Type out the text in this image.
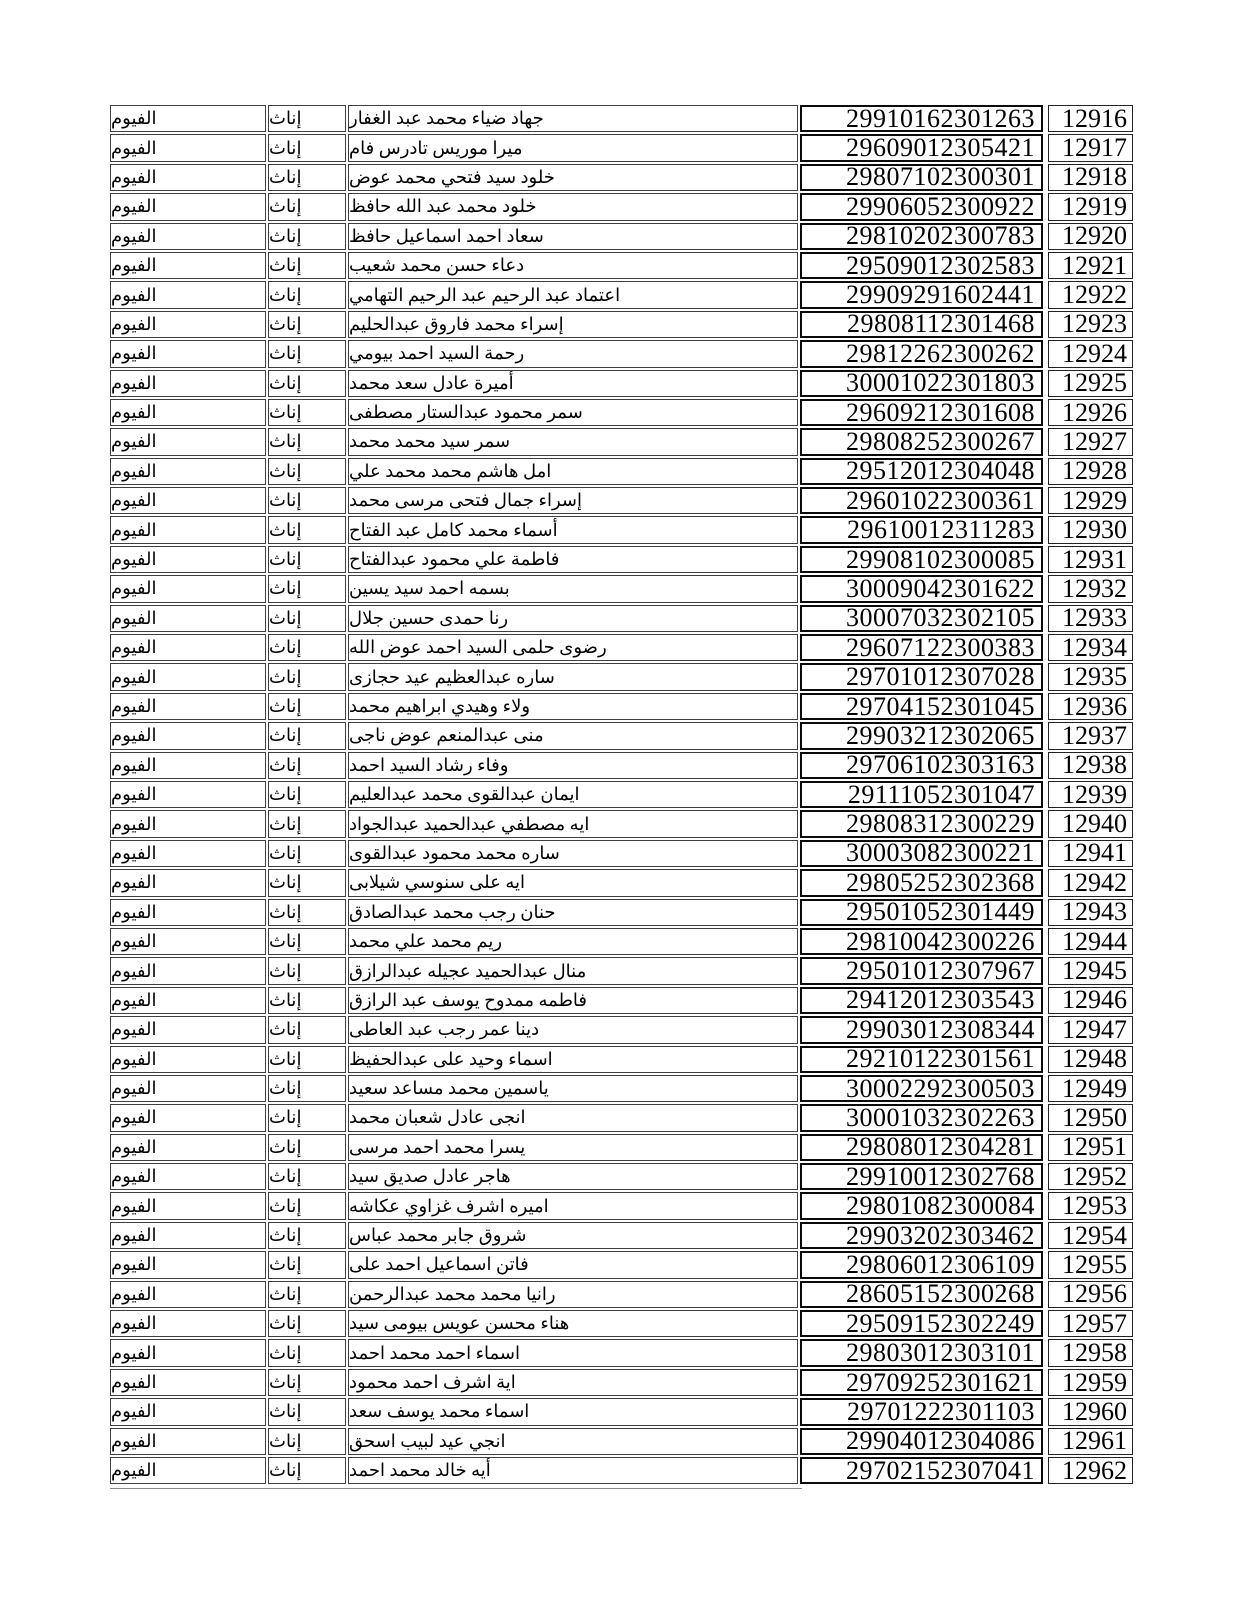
الفيوم	إناث	جهاد ضياء محمد عبد الغفار	29910162301263	12916
الفيوم	إناث	ميرا موريس تادرس فام	29609012305421	12917
الفيوم	إناث	خلود سيد فتحي محمد عوض	29807102300301	12918
الفيوم	إناث	خلود محمد عبد الله حافظ	29906052300922	12919
الفيوم	إناث	سعاد احمد اسماعيل حافظ	29810202300783	12920
الفيوم	إناث	دعاء حسن محمد شعيب	29509012302583	12921
الفيوم	إناث	اعتماد عبد الرحيم عبد الرحيم التهامي	29909291602441	12922
الفيوم	إناث	إسراء محمد فاروق عبدالحليم	29808112301468	12923
الفيوم	إناث	رحمة السيد احمد بيومي	29812262300262	12924
الفيوم	إناث	أميرة عادل سعد محمد	30001022301803	12925
الفيوم	إناث	سمر محمود عبدالستار مصطفى	29609212301608	12926
الفيوم	إناث	سمر سيد محمد محمد	29808252300267	12927
الفيوم	إناث	امل هاشم محمد محمد علي	29512012304048	12928
الفيوم	إناث	إسراء جمال فتحى مرسى محمد	29601022300361	12929
الفيوم	إناث	أسماء محمد كامل عبد الفتاح	29610012311283	12930
الفيوم	إناث	فاطمة علي محمود عبدالفتاح	29908102300085	12931
الفيوم	إناث	بسمه احمد سيد يسين	30009042301622	12932
الفيوم	إناث	رنا حمدى حسين جلال	30007032302105	12933
الفيوم	إناث	رضوى حلمى السيد احمد عوض الله	29607122300383	12934
الفيوم	إناث	ساره عبدالعظيم عيد حجازى	29701012307028	12935
الفيوم	إناث	ولاء وهيدي ابراهيم محمد	29704152301045	12936
الفيوم	إناث	منى عبدالمنعم عوض ناجى	29903212302065	12937
الفيوم	إناث	وفاء رشاد السيد احمد	29706102303163	12938
الفيوم	إناث	ايمان عبدالقوى محمد عبدالعليم	29111052301047	12939
الفيوم	إناث	ايه مصطفي عبدالحميد عبدالجواد	29808312300229	12940
الفيوم	إناث	ساره محمد محمود عبدالقوى	30003082300221	12941
الفيوم	إناث	ايه على سنوسي شيلابى	29805252302368	12942
الفيوم	إناث	حنان رجب محمد عبدالصادق	29501052301449	12943
الفيوم	إناث	ريم محمد علي محمد	29810042300226	12944
الفيوم	إناث	منال عبدالحميد عجيله عبدالرازق	29501012307967	12945
الفيوم	إناث	فاطمه ممدوح يوسف عبد الرازق	29412012303543	12946
الفيوم	إناث	دينا عمر رجب عبد العاطى	29903012308344	12947
الفيوم	إناث	اسماء وحيد على عبدالحفيظ	29210122301561	12948
الفيوم	إناث	ياسمين محمد مساعد سعيد	30002292300503	12949
الفيوم	إناث	انجى عادل شعبان محمد	30001032302263	12950
الفيوم	إناث	يسرا محمد احمد مرسى	29808012304281	12951
الفيوم	إناث	هاجر عادل صديق سيد	29910012302768	12952
الفيوم	إناث	اميره اشرف غزاوي عكاشه	29801082300084	12953
الفيوم	إناث	شروق جابر محمد عباس	29903202303462	12954
الفيوم	إناث	فاتن اسماعيل احمد على	29806012306109	12955
الفيوم	إناث	رانيا محمد محمد عبدالرحمن	28605152300268	12956
الفيوم	إناث	هناء محسن عويس بيومى سيد	29509152302249	12957
الفيوم	إناث	اسماء احمد محمد احمد	29803012303101	12958
الفيوم	إناث	اية اشرف احمد محمود	29709252301621	12959
الفيوم	إناث	اسماء محمد يوسف سعد	29701222301103	12960
الفيوم	إناث	انجي عيد لبيب اسحق	29904012304086	12961
الفيوم	إناث	أيه خالد محمد احمد	29702152307041	12962
